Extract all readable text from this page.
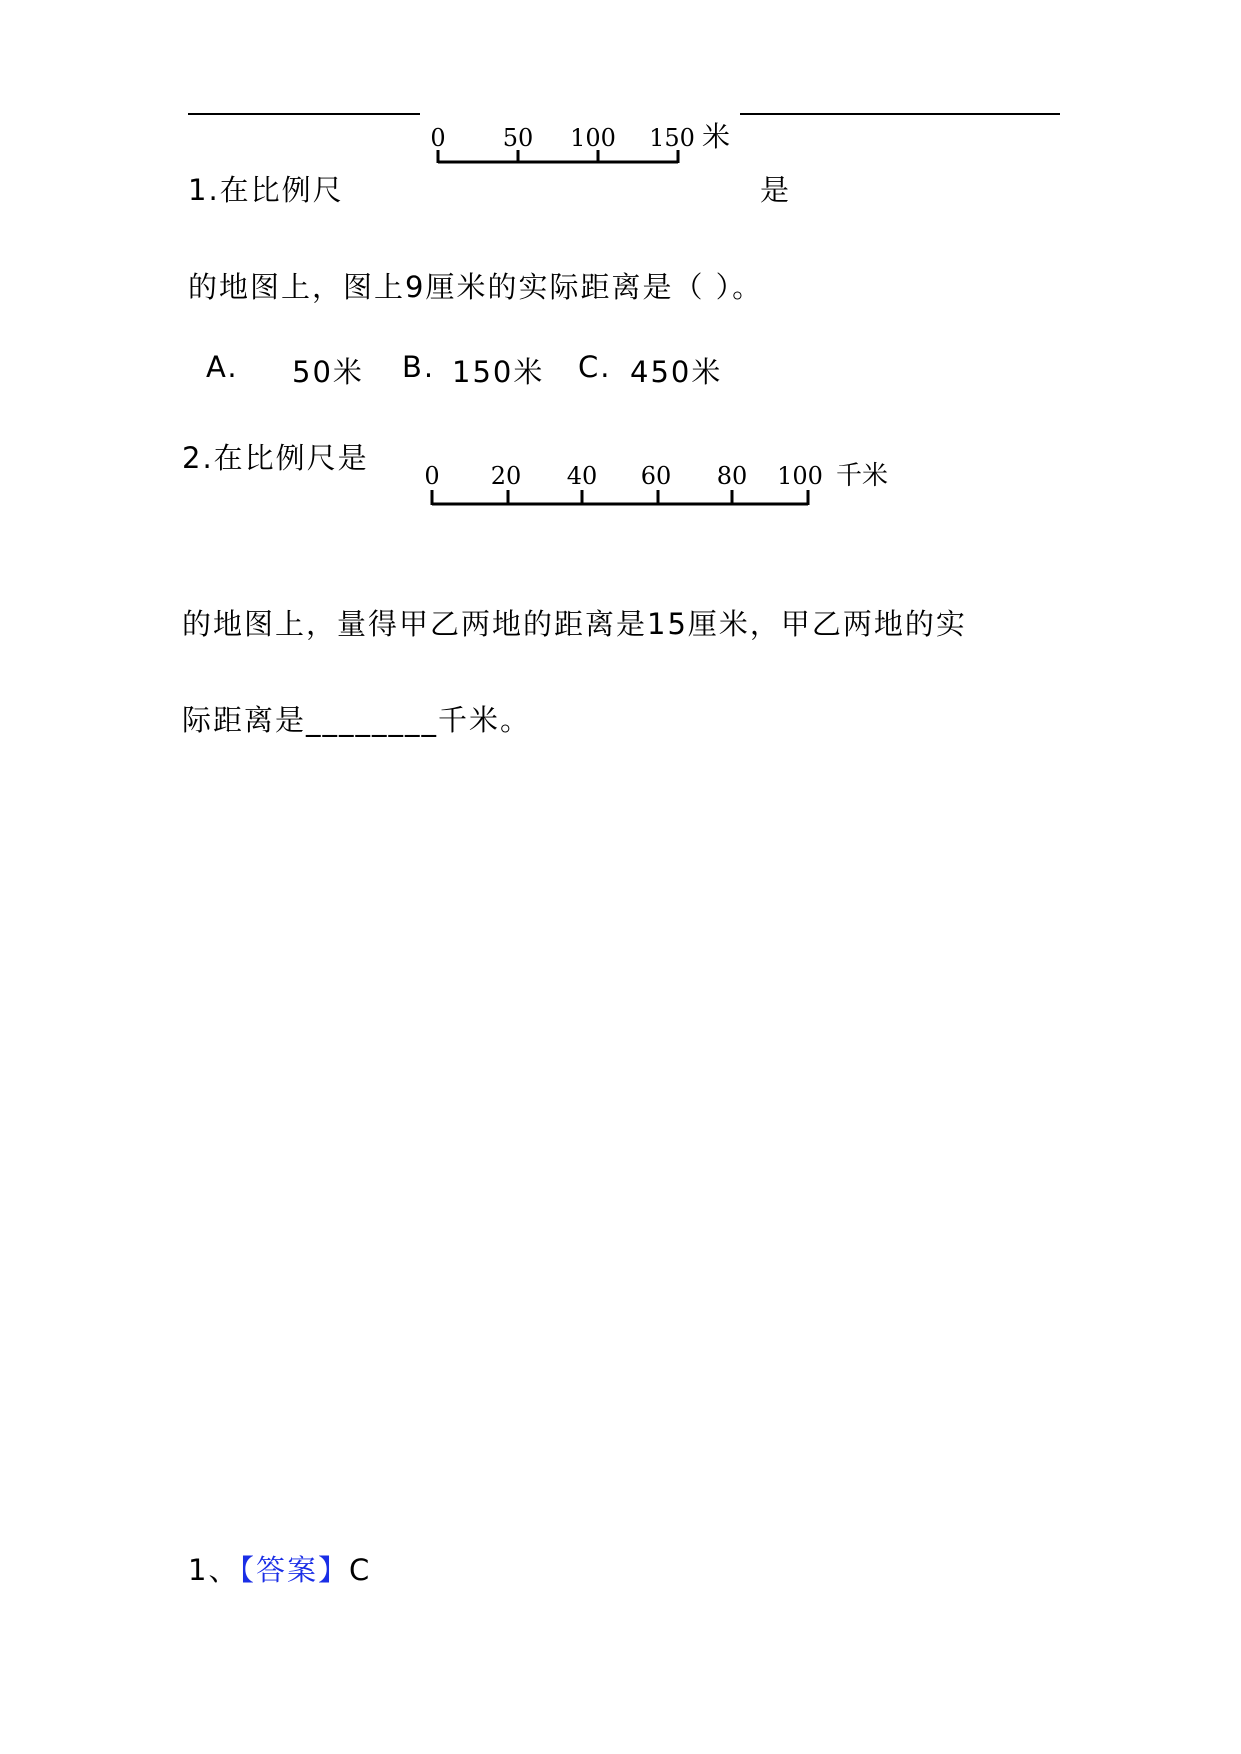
0 50 100 150 米
1.在比例尺	是
的地图上，图上9厘米的实际距离是（ ）。
A. 50米 B. 150米 C. 450米
2.在比例尺是
0 20 40 60 80 100 千米
的地图上，量得甲乙两地的距离是15厘米，甲乙两地的实
际距离是________千米。
1、【答案】C
